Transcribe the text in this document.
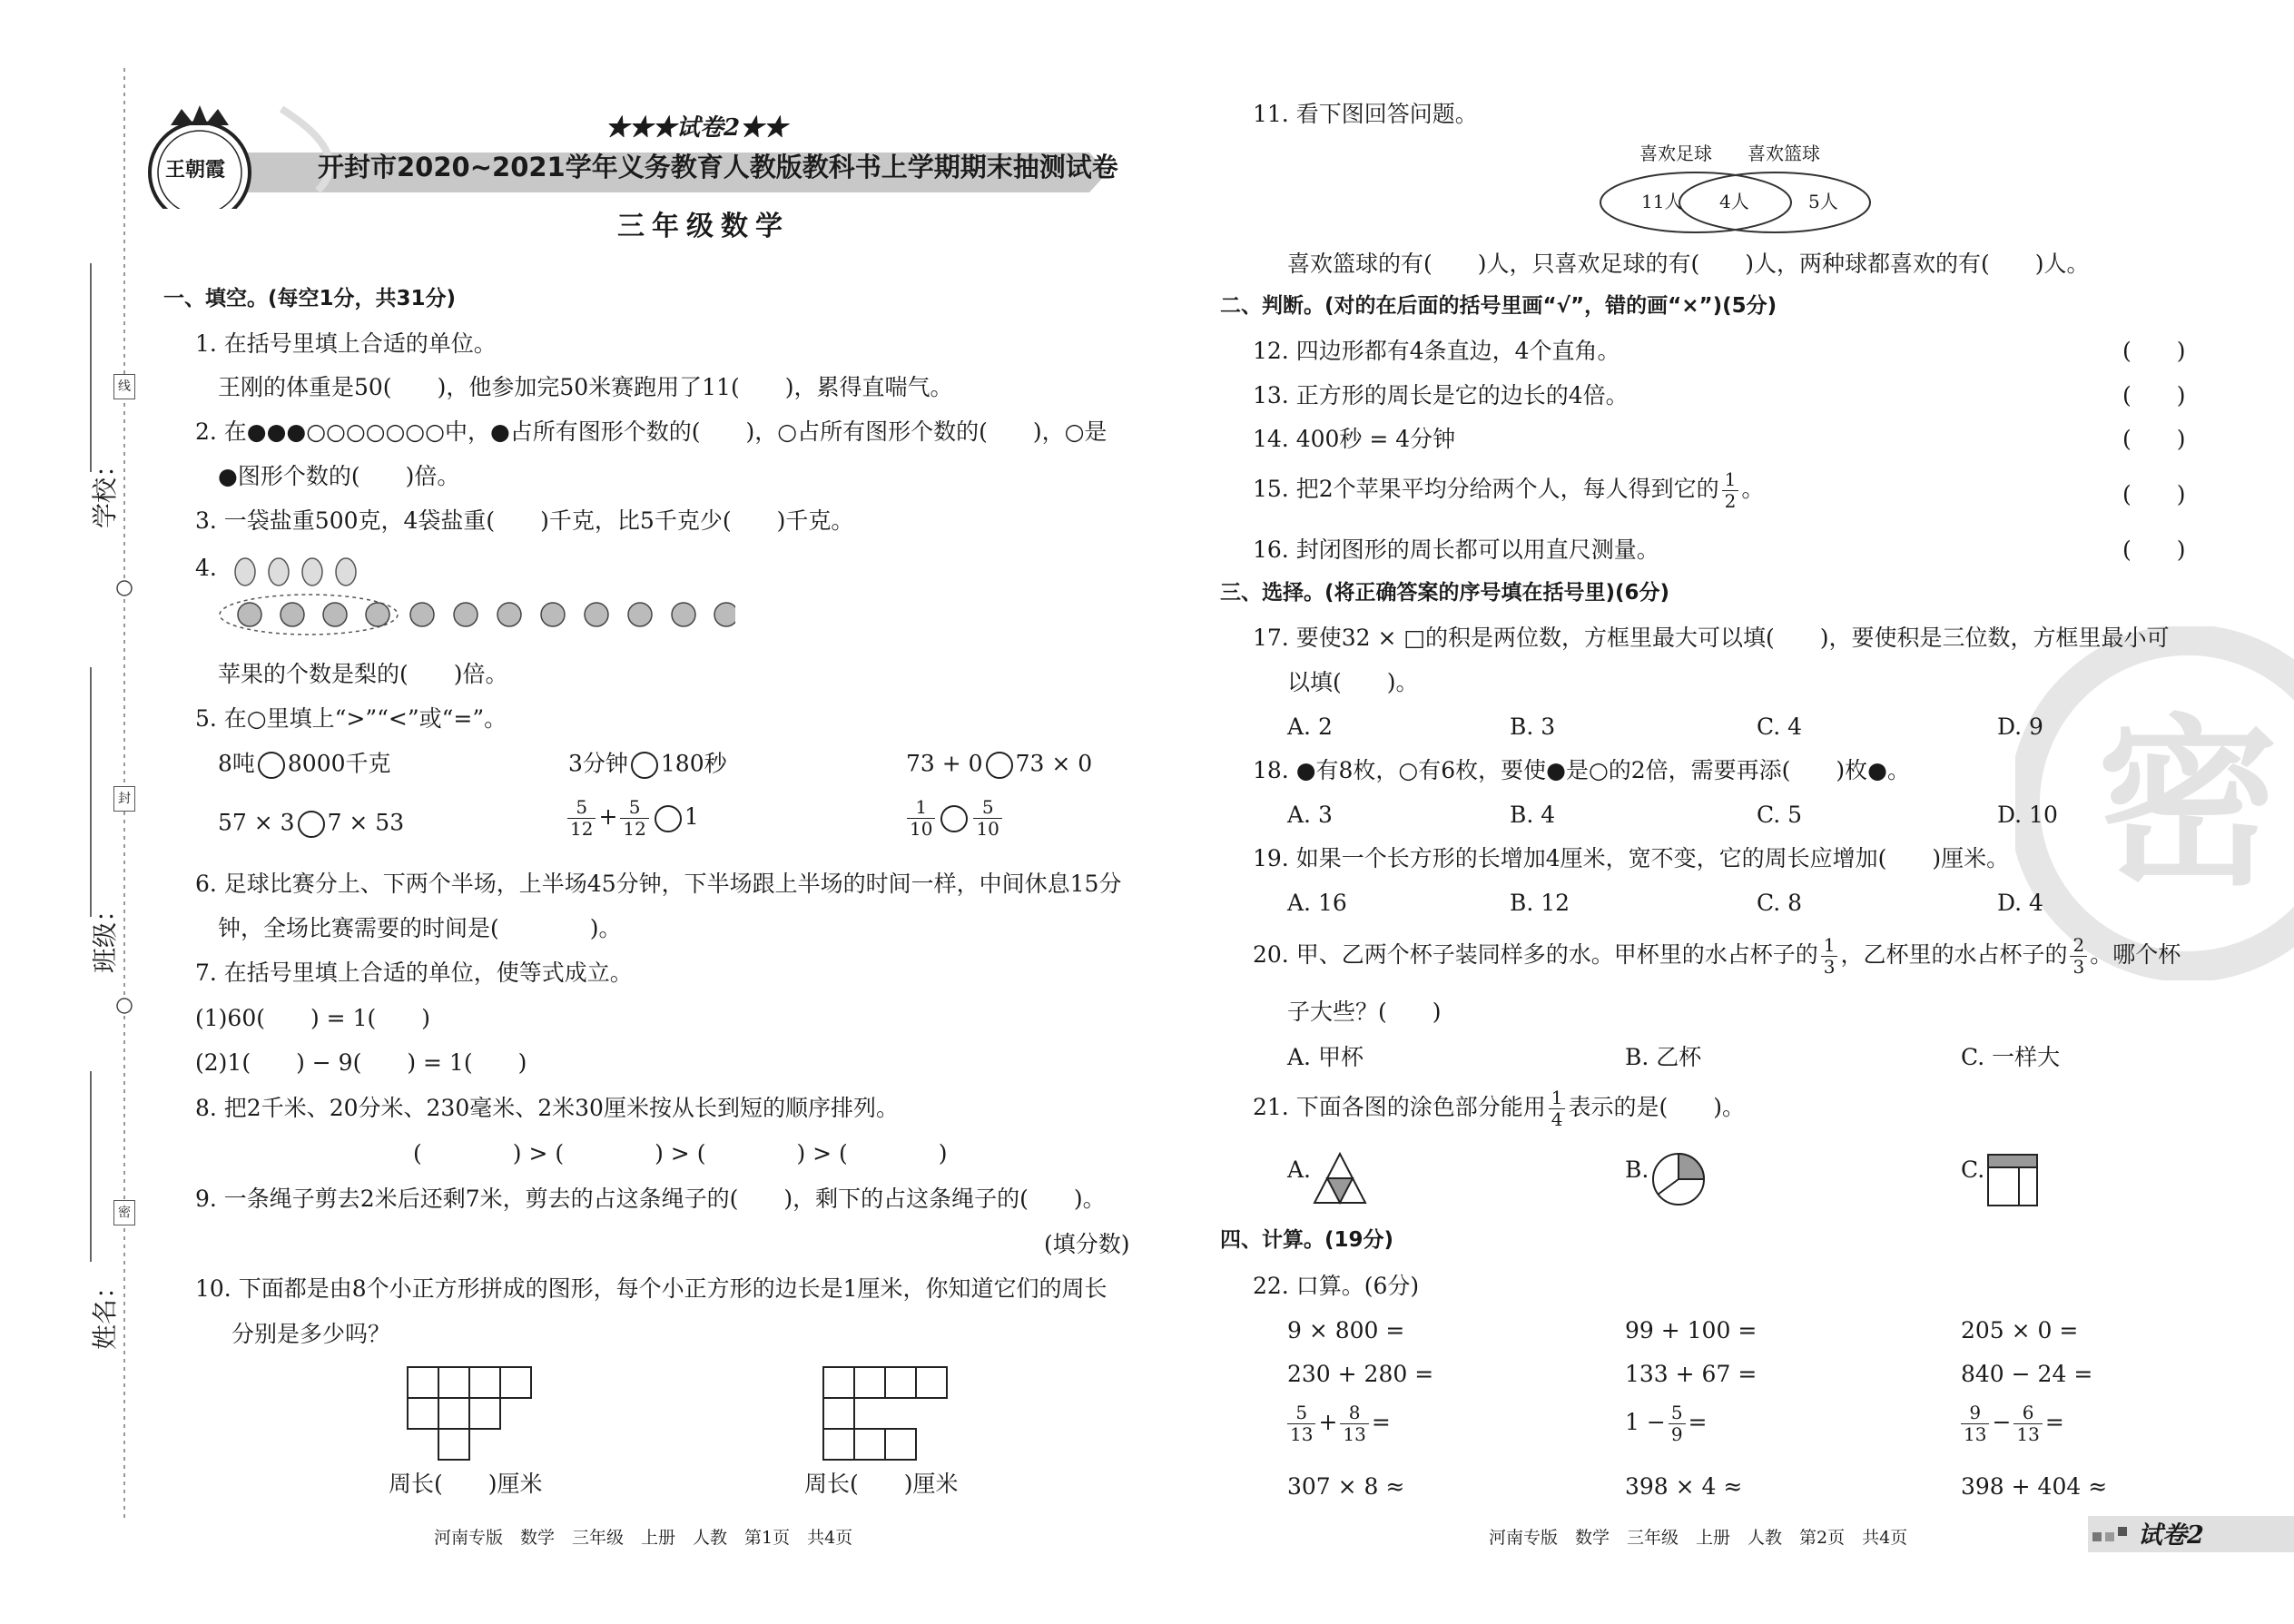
学校：
班级：
姓名：
线
封
密
王朝霞
★★★试卷2★★
开封市2020~2021学年义务教育人教版教科书上学期期末抽测试卷
三年级数学
一、填空。(每空1分，共31分)
1. 在括号里填上合适的单位。
王刚的体重是50(　　)，他参加完50米赛跑用了11(　　)，累得直喘气。
2. 在●●●○○○○○○○中，●占所有图形个数的(　　)，○占所有图形个数的(　　)，○是
●图形个数的(　　)倍。
3. 一袋盐重500克，4袋盐重(　　)千克，比5千克少(　　)千克。
4.
苹果的个数是梨的(　　)倍。
5. 在○里填上“>”“<”或“=”。
8吨 8000千克	3分钟 180秒	73 + 0 73 × 0
57 × 3 7 × 53	$\frac{5}{12} + \frac{5}{12} 1$	$\frac{1}{10} \frac{5}{10}$
6. 足球比赛分上、下两个半场，上半场45分钟，下半场跟上半场的时间一样，中间休息15分
钟，全场比赛需要的时间是(　　　　)。
7. 在括号里填上合适的单位，使等式成立。
(1)60(　　) = 1(　　)
(2)1(　　) − 9(　　) = 1(　　)
8. 把2千米、20分米、230毫米、2米30厘米按从长到短的顺序排列。
(　　　　) > (　　　　) > (　　　　) > (　　　　)
9. 一条绳子剪去2米后还剩7米，剪去的占这条绳子的(　　)，剩下的占这条绳子的(　　)。
(填分数)
10. 下面都是由8个小正方形拼成的图形，每个小正方形的边长是1厘米，你知道它们的周长
分别是多少吗？
周长(　　)厘米	周长(　　)厘米
河南专版　数学　三年级　上册　人教　第1页　共4页
密
11. 看下图回答问题。
喜欢足球 喜欢篮球
11人 4人	5人
喜欢篮球的有(　　)人，只喜欢足球的有(　　)人，两种球都喜欢的有(　　)人。
二、判断。(对的在后面的括号里画“√”，错的画“×”)(5分)
12. 四边形都有4条直边，4个直角。	(　　)
13. 正方形的周长是它的边长的4倍。	(　　)
14. 400秒 = 4分钟	(　　)
15. 把2个苹果平均分给两个人，每人得到它的 $\frac{1}{2}$ 。	(　　)
16. 封闭图形的周长都可以用直尺测量。	(　　)
三、选择。(将正确答案的序号填在括号里)(6分)
17. 要使32 × □的积是两位数，方框里最大可以填(　　)，要使积是三位数，方框里最小可
以填(　　)。
A. 2	B. 3	C. 4	D. 9
18. ●有8枚，○有6枚，要使●是○的2倍，需要再添(　　)枚●。
A. 3	B. 4	C. 5	D. 10
19. 如果一个长方形的长增加4厘米，宽不变，它的周长应增加(　　)厘米。
A. 16	B. 12	C. 8	D. 4
20. 甲、乙两个杯子装同样多的水。甲杯里的水占杯子的 $\frac{1}{3}$ ，乙杯里的水占杯子的 $\frac{2}{3}$ 。哪个杯
子大些？(　　)
A. 甲杯	B. 乙杯	C. 一样大
21. 下面各图的涂色部分能用 $\frac{1}{4}$ 表示的是(　　)。
A.	B.	C.
四、计算。(19分)
22. 口算。(6分)
9 × 800 =	99 + 100 =	205 × 0 =
230 + 280 =	133 + 67 =	840 − 24 =
$\frac{5}{13} + \frac{8}{13}$ =	$1 - \frac{5}{9}$ =	$\frac{9}{13} - \frac{6}{13}$ =
307 × 8 ≈	398 × 4 ≈	398 + 404 ≈
河南专版　数学　三年级　上册　人教　第2页　共4页	试卷2
